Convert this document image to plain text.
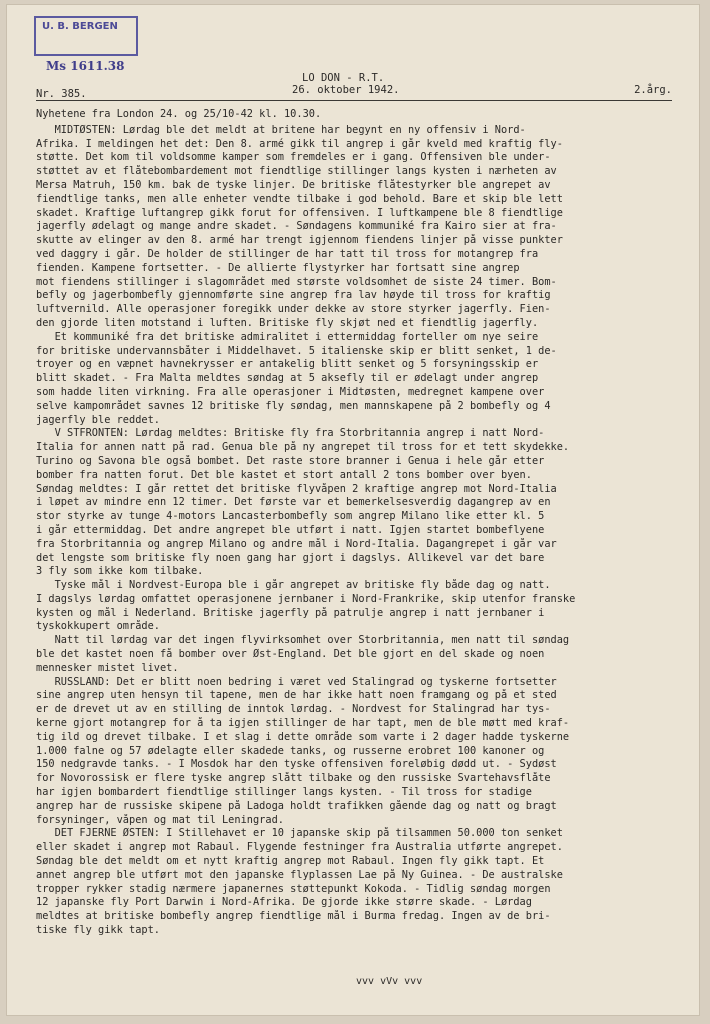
U. B. BERGEN
Ms 1611.38
LO DON - R.T.
26. oktober 1942.
Nr. 385.	2.årg.
Nyhetene fra London 24. og 25/10-42 kl. 10.30.
MIDTØSTEN: Lørdag ble det meldt at britene har begynt en ny offensiv i Nord-
Afrika. I meldingen het det: Den 8. armé gikk til angrep i går kveld med kraftig fly-
støtte. Det kom til voldsomme kamper som fremdeles er i gang. Offensiven ble under-
støttet av et flåtebombardement mot fiendtlige stillinger langs kysten i nærheten av
Mersa Matruh, 150 km. bak de tyske linjer. De britiske flåtestyrker ble angrepet av
fiendtlige tanks, men alle enheter vendte tilbake i god behold. Bare et skip ble lett
skadet. Kraftige luftangrep gikk forut for offensiven. I luftkampene ble 8 fiendtlige
jagerfly ødelagt og mange andre skadet. - Søndagens kommuniké fra Kairo sier at fra-
skutte av elinger av den 8. armé har trengt igjennom fiendens linjer på visse punkter
ved daggry i går. De holder de stillinger de har tatt til tross for motangrep fra
fienden. Kampene fortsetter. - De allierte flystyrker har fortsatt sine angrep
mot fiendens stillinger i slagområdet med største voldsomhet de siste 24 timer. Bom-
befly og jagerbombefly gjennomførte sine angrep fra lav høyde til tross for kraftig
luftvernild. Alle operasjoner foregikk under dekke av store styrker jagerfly. Fien-
den gjorde liten motstand i luften. Britiske fly skjøt ned et fiendtlig jagerfly.
Et kommuniké fra det britiske admiralitet i ettermiddag forteller om nye seire
for britiske undervannsbåter i Middelhavet. 5 italienske skip er blitt senket, 1 de-
troyer og en væpnet havnekrysser er antakelig blitt senket og 5 forsyningsskip er
blitt skadet. - Fra Malta meldtes søndag at 5 aksefly til er ødelagt under angrep
som hadde liten virkning. Fra alle operasjoner i Midtøsten, medregnet kampene over
selve kampområdet savnes 12 britiske fly søndag, men mannskapene på 2 bombefly og 4
jagerfly ble reddet.
V STFRONTEN: Lørdag meldtes: Britiske fly fra Storbritannia angrep i natt Nord-
Italia for annen natt på rad. Genua ble på ny angrepet til tross for et tett skydekke.
Turino og Savona ble også bombet. Det raste store branner i Genua i hele går etter
bomber fra natten forut. Det ble kastet et stort antall 2 tons bomber over byen.
Søndag meldtes: I går rettet det britiske flyvåpen 2 kraftige angrep mot Nord-Italia
i løpet av mindre enn 12 timer. Det første var et bemerkelsesverdig dagangrep av en
stor styrke av tunge 4-motors Lancasterbombefly som angrep Milano like etter kl. 5
i går ettermiddag. Det andre angrepet ble utført i natt. Igjen startet bombeflyene
fra Storbritannia og angrep Milano og andre mål i Nord-Italia. Dagangrepet i går var
det lengste som britiske fly noen gang har gjort i dagslys. Allikevel var det bare
3 fly som ikke kom tilbake.
Tyske mål i Nordvest-Europa ble i går angrepet av britiske fly både dag og natt.
I dagslys lørdag omfattet operasjonene jernbaner i Nord-Frankrike, skip utenfor franske
kysten og mål i Nederland. Britiske jagerfly på patrulje angrep i natt jernbaner i
tyskokkupert område.
Natt til lørdag var det ingen flyvirksomhet over Storbritannia, men natt til søndag
ble det kastet noen få bomber over Øst-England. Det ble gjort en del skade og noen
mennesker mistet livet.
RUSSLAND: Det er blitt noen bedring i været ved Stalingrad og tyskerne fortsetter
sine angrep uten hensyn til tapene, men de har ikke hatt noen framgang og på et sted
er de drevet ut av en stilling de inntok lørdag. - Nordvest for Stalingrad har tys-
kerne gjort motangrep for å ta igjen stillinger de har tapt, men de ble møtt med kraf-
tig ild og drevet tilbake. I et slag i dette område som varte i 2 dager hadde tyskerne
1.000 falne og 57 ødelagte eller skadede tanks, og russerne erobret 100 kanoner og
150 nedgravde tanks. - I Mosdok har den tyske offensiven foreløbig dødd ut. - Sydøst
for Novorossisk er flere tyske angrep slått tilbake og den russiske Svartehavsflåte
har igjen bombardert fiendtlige stillinger langs kysten. - Til tross for stadige
angrep har de russiske skipene på Ladoga holdt trafikken gående dag og natt og bragt
forsyninger, våpen og mat til Leningrad.
DET FJERNE ØSTEN: I Stillehavet er 10 japanske skip på tilsammen 50.000 ton senket
eller skadet i angrep mot Rabaul. Flygende festninger fra Australia utførte angrepet.
Søndag ble det meldt om et nytt kraftig angrep mot Rabaul. Ingen fly gikk tapt. Et
annet angrep ble utført mot den japanske flyplassen Lae på Ny Guinea. - De australske
tropper rykker stadig nærmere japanernes støttepunkt Kokoda. - Tidlig søndag morgen
12 japanske fly Port Darwin i Nord-Afrika. De gjorde ikke større skade. - Lørdag
meldtes at britiske bombefly angrep fiendtlige mål i Burma fredag. Ingen av de bri-
tiske fly gikk tapt.
vvv vVv vvv
